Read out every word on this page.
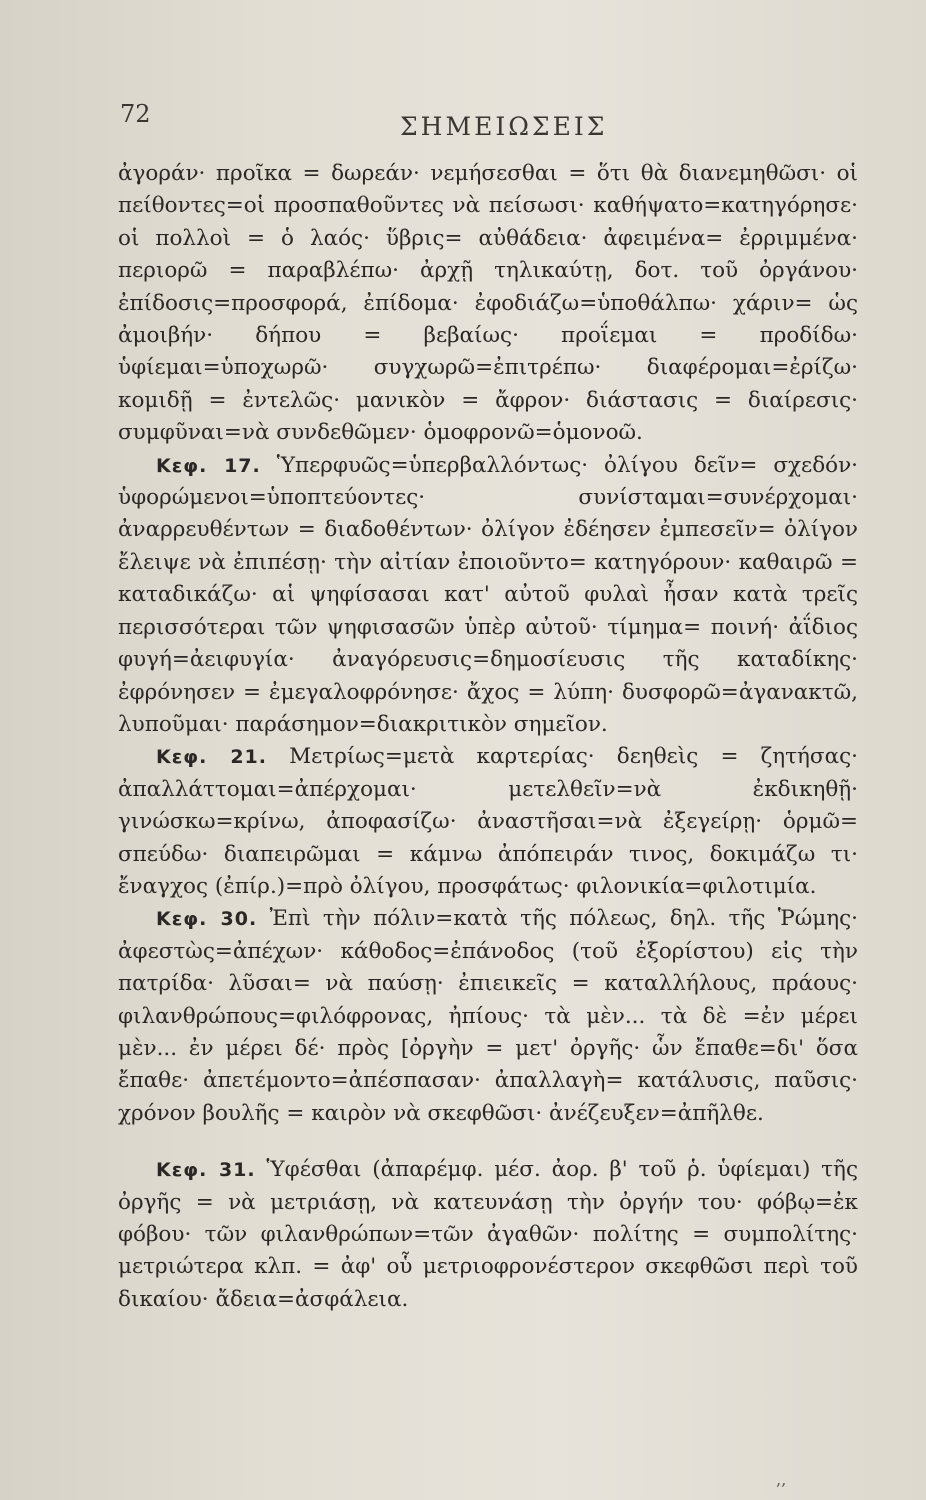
72	ΣΗΜΕΙΩΣΕΙΣ

ἀγοράν· προῖκα = δωρεάν· νεμήσεσθαι = ὅτι θὰ διανεμηθῶσι· οἱ πείθοντες=οἱ προσπαθοῦντες νὰ πείσωσι· καθήψατο=κατηγόρησε· οἱ πολλοὶ = ὁ λαός· ὕβρις= αὐθάδεια· ἀφειμένα= ἐρριμμένα· περιορῶ = παραβλέπω· ἀρχῇ τηλικαύτῃ, δοτ. τοῦ ὀργάνου· ἐπίδοσις=προσφορά, ἐπίδομα· ἐφοδιάζω=ὑποθάλπω· χάριν= ὡς ἀμοιβήν· δήπου = βεβαίως· προΐεμαι = προδίδω· ὑφίεμαι=ὑποχωρῶ· συγχωρῶ=ἐπιτρέπω· διαφέρομαι=ἐρίζω· κομιδῇ = ἐντελῶς· μανικὸν = ἄφρον· διάστασις = διαίρεσις· συμφῦναι=νὰ συνδεθῶμεν· ὁμοφρονῶ=ὁμονοῶ.

Κεφ. 17. Ὑπερφυῶς=ὑπερβαλλόντως· ὀλίγου δεῖν= σχεδόν· ὑφορώμενοι=ὑποπτεύοντες· συνίσταμαι=συνέρχομαι· ἀναρρευθέντων = διαδοθέντων· ὀλίγον ἐδέησεν ἐμπεσεῖν= ὀλίγον ἔλειψε νὰ ἐπιπέσῃ· τὴν αἰτίαν ἐποιοῦντο= κατηγόρουν· καθαιρῶ = καταδικάζω· αἱ ψηφίσασαι κατ' αὐτοῦ φυλαὶ ἦσαν κατὰ τρεῖς περισσότεραι τῶν ψηφισασῶν ὑπὲρ αὐτοῦ· τίμημα= ποινή· ἀΐδιος φυγή=ἀειφυγία· ἀναγόρευσις=δημοσίευσις τῆς καταδίκης· ἐφρόνησεν = ἐμεγαλοφρόνησε· ἄχος = λύπη· δυσφορῶ=ἀγανακτῶ, λυποῦμαι· παράσημον=διακριτικὸν σημεῖον.

Κεφ. 21. Μετρίως=μετὰ καρτερίας· δεηθεὶς = ζητήσας· ἀπαλλάττομαι=ἀπέρχομαι· μετελθεῖν=νὰ ἐκδικηθῇ· γινώσκω=κρίνω, ἀποφασίζω· ἀναστῆσαι=νὰ ἐξεγείρῃ· ὁρμῶ= σπεύδω· διαπειρῶμαι = κάμνω ἀπόπειράν τινος, δοκιμάζω τι· ἔναγχος (ἐπίρ.)=πρὸ ὀλίγου, προσφάτως· φιλονικία=φιλοτιμία.

Κεφ. 30. Ἐπὶ τὴν πόλιν=κατὰ τῆς πόλεως, δηλ. τῆς Ῥώμης· ἀφεστὼς=ἀπέχων· κάθοδος=ἐπάνοδος (τοῦ ἐξορίστου) εἰς τὴν πατρίδα· λῦσαι= νὰ παύσῃ· ἐπιεικεῖς = καταλλήλους, πράους· φιλανθρώπους=φιλόφρονας, ἠπίους· τὰ μὲν... τὰ δὲ =ἐν μέρει μὲν... ἐν μέρει δέ· πρὸς [ὀργὴν = μετ' ὀργῆς· ὧν ἔπαθε=δι' ὅσα ἔπαθε· ἀπετέμοντο=ἀπέσπασαν· ἀπαλλαγὴ= κατάλυσις, παῦσις· χρόνον βουλῆς = καιρὸν νὰ σκεφθῶσι· ἀνέζευξεν=ἀπῆλθε.

Κεφ. 31. Ὑφέσθαι (ἀπαρέμφ. μέσ. ἀορ. β' τοῦ ῥ. ὑφίεμαι) τῆς ὀργῆς = νὰ μετριάσῃ, νὰ κατευνάσῃ τὴν ὀργήν του· φόβῳ=ἐκ φόβου· τῶν φιλανθρώπων=τῶν ἀγαθῶν· πολίτης = συμπολίτης· μετριώτερα κλπ. = ἀφ' οὗ μετριοφρονέστερον σκεφθῶσι περὶ τοῦ δικαίου· ἄδεια=ἀσφάλεια.

‚‚
